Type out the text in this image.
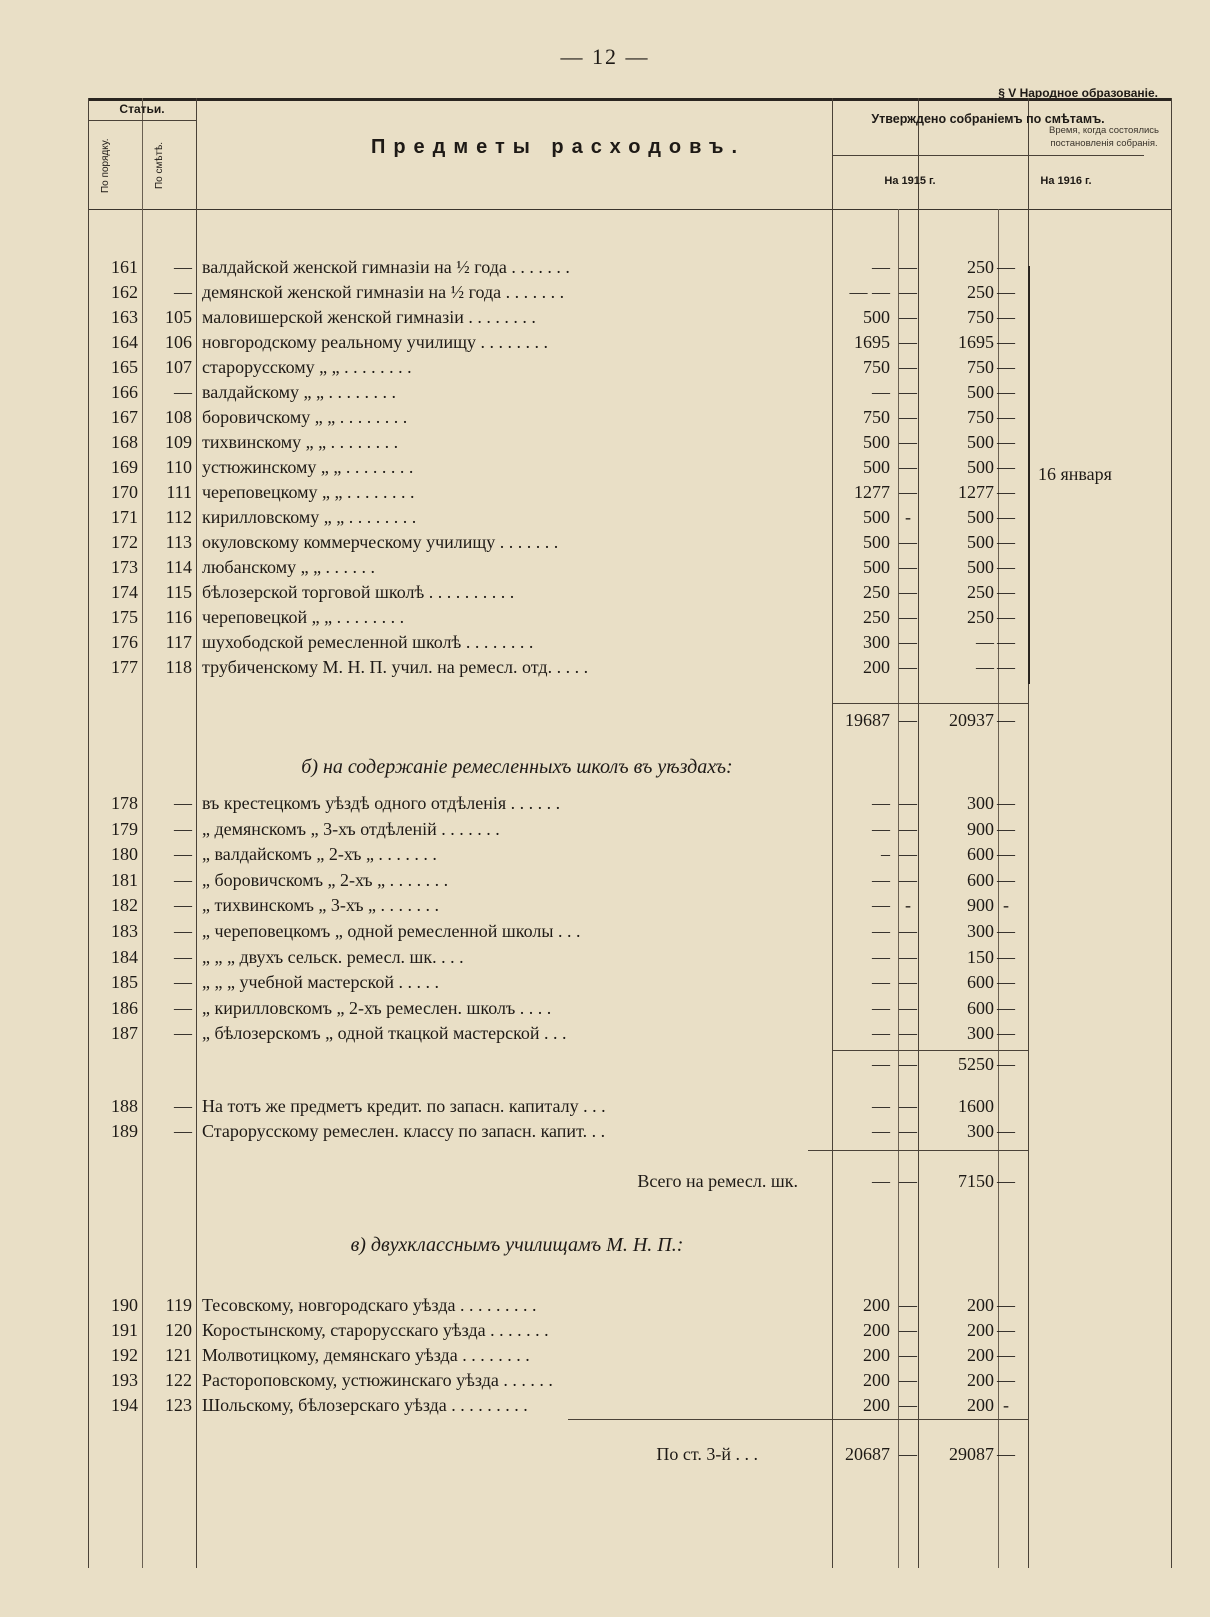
— 12 —
§ V Народное образованіе.
Статьи.
По порядку.	По смѣтѣ.	Предметы расходовъ.
Утверждено собраніемъ по смѣтамъ.
На 1915 г.	На 1916 г.
Время, когда состоялись постановленія собранія.
161	— валдайской женской гимназіи на ½ года . . . . . . .	— —	250 —
162	— демянской женской гимназіи на ½ года . . . . . . .	— — —	250 —
163	105 маловишерской женской гимназіи . . . . . . . .	500 —	750 —
164	106 новгородскому реальному училищу . . . . . . . .	1695 —	1695 —
165	107 старорусскому „ „ . . . . . . . .	750 —	750 —
166	— валдайскому „ „ . . . . . . . .	— —	500 —
167	108 боровичскому „ „ . . . . . . . .	750 —	750 —
168	109 тихвинскому „ „ . . . . . . . .	500 —	500 —
169	110 устюжинскому „ „ . . . . . . . .	500 —	500 —
170	111 череповецкому „ „ . . . . . . . .	1277 —	1277 —
171	112 кирилловскому „ „ . . . . . . . .	500 -	500 —
172	113 окуловскому коммерческому училищу . . . . . . .	500 —	500 —
173	114 любанскому „ „ . . . . . .	500 —	500 —
174	115 бѣлозерской торговой школѣ . . . . . . . . . .	250 —	250 —
175	116 череповецкой „ „ . . . . . . . .	250 —	250 —
176	117 шухободской ремесленной школѣ . . . . . . . .	300 —	— —
177	118 трубиченскому М. Н. П. учил. на ремесл. отд. . . . .	200 —	— —
19687 —	20937 —
16 января
б) на содержаніе ремесленныхъ школъ въ уѣздахъ:
178	— въ крестецкомъ уѣздѣ одного отдѣленія . . . . . .	— —	300 —
179	— „ демянскомъ „ 3-хъ отдѣленій . . . . . . .	— —	900 —
180	— „ валдайскомъ „ 2-хъ „ . . . . . . .	– —	600 —
181	— „ боровичскомъ „ 2-хъ „ . . . . . . .	— —	600 —
182	— „ тихвинскомъ „ 3-хъ „ . . . . . . .	— -	900 -
183	— „ череповецкомъ „ одной ремесленной школы . . .	— —	300 —
184	— „ „ „ двухъ сельск. ремесл. шк. . . .	— —	150 —
185	— „ „ „ учебной мастерской . . . . .	— —	600 —
186	— „ кирилловскомъ „ 2-хъ ремеслен. школъ . . . .	— —	600 —
187	— „ бѣлозерскомъ „ одной ткацкой мастерской . . .	— —	300 —
— —	5250 —
188	— На тотъ же предметъ кредит. по запасн. капиталу . . .	— —	1600
189	— Старорусскому ремеслен. классу по запасн. капит. . .	— —	300 —
Всего на ремесл. шк.	— —	7150 —
в) двухкласснымъ училищамъ М. Н. П.:
190	119 Тесовскому, новгородскаго уѣзда . . . . . . . . .	200 —	200 —
191	120 Коростынскому, старорусскаго уѣзда . . . . . . .	200 —	200 —
192	121 Молвотицкому, демянскаго уѣзда . . . . . . . .	200 —	200 —
193	122 Растороповскому, устюжинскаго уѣзда . . . . . .	200 —	200 —
194	123 Шольскому, бѣлозерскаго уѣзда . . . . . . . . .	200 —	200 -
По ст. 3-й . . .	20687 —	29087 —
